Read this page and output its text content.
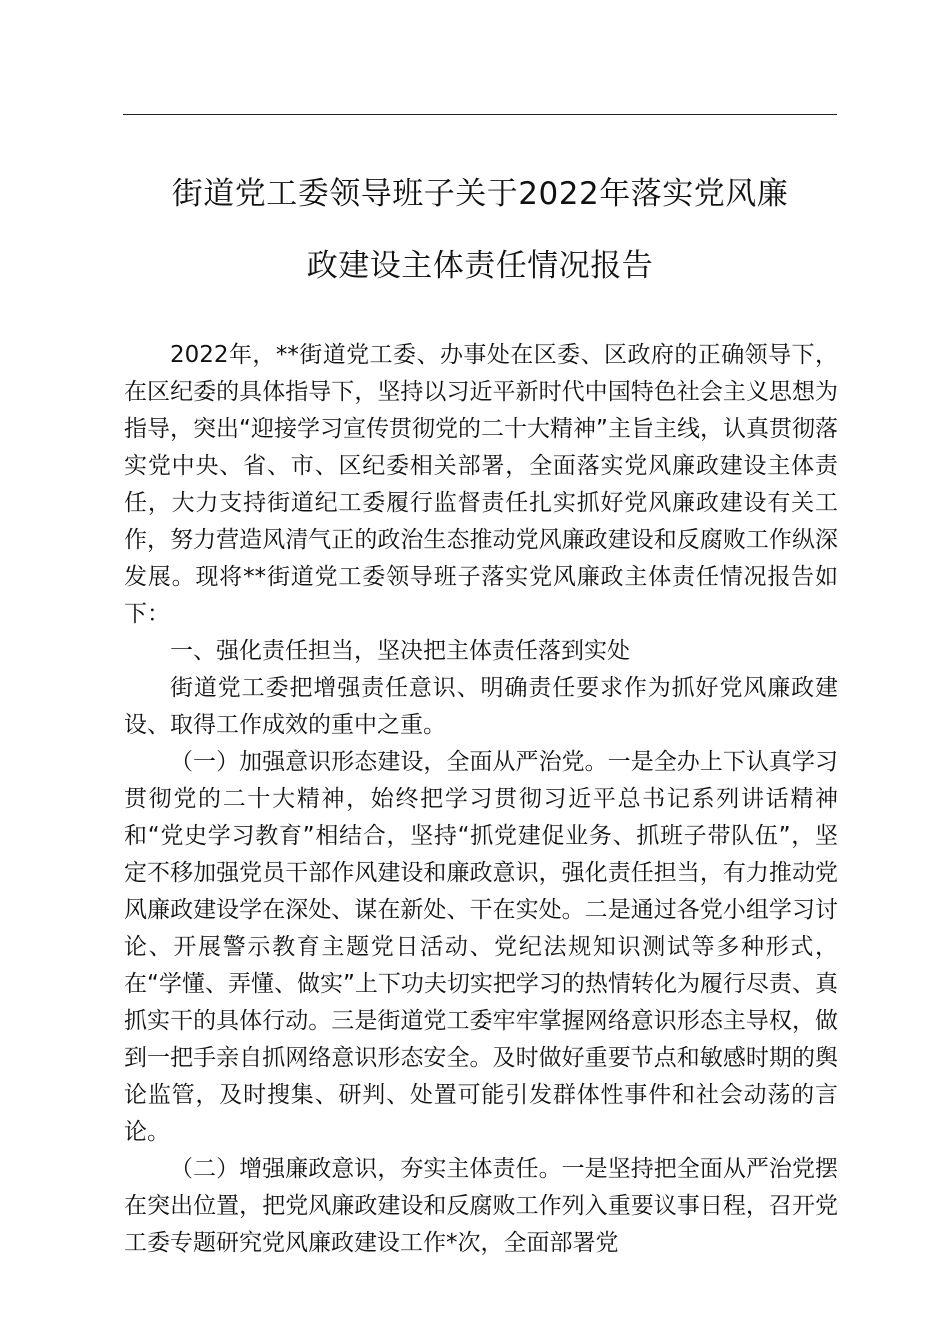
街道党工委领导班子关于2022年落实党风廉
政建设主体责任情况报告

2022年，**街道党工委、办事处在区委、区政府的正确领导下，在区纪委的具体指导下，坚持以习近平新时代中国特色社会主义思想为指导，突出“迎接学习宣传贯彻党的二十大精神”主旨主线，认真贯彻落实党中央、省、市、区纪委相关部署，全面落实党风廉政建设主体责任，大力支持街道纪工委履行监督责任扎实抓好党风廉政建设有关工作，努力营造风清气正的政治生态推动党风廉政建设和反腐败工作纵深发展。现将**街道党工委领导班子落实党风廉政主体责任情况报告如下：

一、强化责任担当，坚决把主体责任落到实处

街道党工委把增强责任意识、明确责任要求作为抓好党风廉政建设、取得工作成效的重中之重。

（一）加强意识形态建设，全面从严治党。一是全办上下认真学习贯彻党的二十大精神，始终把学习贯彻习近平总书记系列讲话精神和“党史学习教育”相结合，坚持“抓党建促业务、抓班子带队伍”，坚定不移加强党员干部作风建设和廉政意识，强化责任担当，有力推动党风廉政建设学在深处、谋在新处、干在实处。二是通过各党小组学习讨论、开展警示教育主题党日活动、党纪法规知识测试等多种形式，在“学懂、弄懂、做实”上下功夫切实把学习的热情转化为履行尽责、真抓实干的具体行动。三是街道党工委牢牢掌握网络意识形态主导权，做到一把手亲自抓网络意识形态安全。及时做好重要节点和敏感时期的舆论监管，及时搜集、研判、处置可能引发群体性事件和社会动荡的言论。

（二）增强廉政意识，夯实主体责任。一是坚持把全面从严治党摆在突出位置，把党风廉政建设和反腐败工作列入重要议事日程，召开党工委专题研究党风廉政建设工作*次，全面部署党
